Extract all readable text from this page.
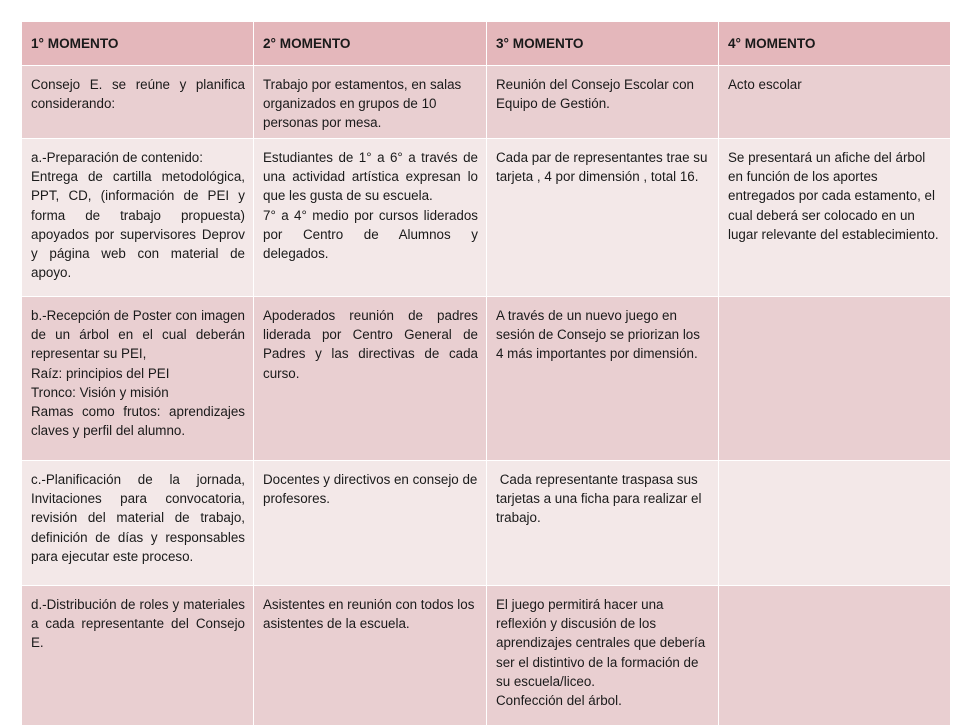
1° MOMENTO	2° MOMENTO	3° MOMENTO	4° MOMENTO

Consejo E. se reúne y planifica considerando:	Trabajo por estamentos, en salas organizados en grupos de 10 personas por mesa.	Reunión del Consejo Escolar con Equipo de Gestión.	Acto escolar

a.-Preparación de contenido:
Entrega de cartilla metodológica, PPT, CD, (información de PEI y forma de trabajo propuesta) apoyados por supervisores Deprov y página web con material de apoyo.	Estudiantes de 1° a 6° a través de una actividad artística expresan lo que les gusta de su escuela.
7° a 4° medio por cursos liderados por Centro de Alumnos y delegados.	Cada par de representantes trae su tarjeta , 4 por dimensión , total 16.	Se presentará un afiche del árbol en función de los aportes entregados por cada estamento, el cual deberá ser colocado en un lugar relevante del establecimiento.

b.-Recepción de Poster con imagen de un árbol en el cual deberán representar su PEI,
Raíz: principios del PEI
Tronco: Visión y misión
Ramas como frutos: aprendizajes claves y perfil del alumno.	Apoderados reunión de padres liderada por Centro General de Padres y las directivas de cada curso.	A través de un nuevo juego en sesión de Consejo se priorizan los 4 más importantes por dimensión.	

c.-Planificación de la jornada, Invitaciones para convocatoria, revisión del material de trabajo, definición de días y responsables para ejecutar este proceso.	Docentes y directivos en consejo de profesores.	Cada representante traspasa sus tarjetas a una ficha para realizar el trabajo.	

d.-Distribución de roles y materiales a cada representante del Consejo E.	Asistentes en reunión con todos los asistentes de la escuela.	El juego permitirá hacer una reflexión y discusión de los aprendizajes centrales que debería ser el distintivo de la formación de su escuela/liceo.
Confección del árbol.	
